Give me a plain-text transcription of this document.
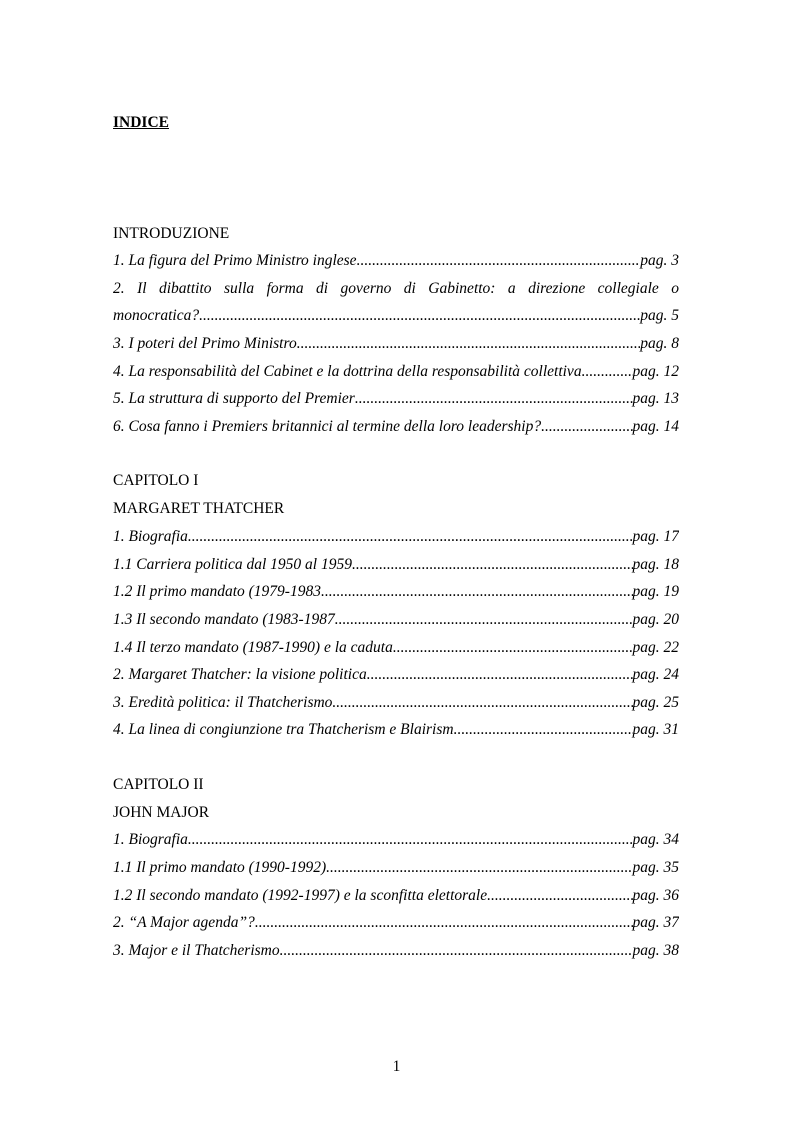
INDICE
INTRODUZIONE
1. La figura del Primo Ministro inglese .....	pag. 3
2. Il dibattito sulla forma di governo di Gabinetto: a direzione collegiale o
monocratica? .....	pag. 5
3. I poteri del Primo Ministro .....	pag. 8
4. La responsabilità del Cabinet e la dottrina della responsabilità collettiva .....	pag. 12
5. La struttura di supporto del Premier .....	pag. 13
6. Cosa fanno i Premiers britannici al termine della loro leadership? .....	pag. 14
CAPITOLO I
MARGARET THATCHER
1. Biografia .....	pag. 17
1.1 Carriera politica dal 1950 al 1959 .....	pag. 18
1.2 Il primo mandato (1979-1983 .....	pag. 19
1.3 Il secondo mandato (1983-1987 .....	pag. 20
1.4 Il terzo mandato (1987-1990) e la caduta .....	pag. 22
2. Margaret Thatcher: la visione politica .....	pag. 24
3. Eredità politica: il Thatcherismo .....	pag. 25
4. La linea di congiunzione tra Thatcherism e Blairism .....	pag. 31
CAPITOLO II
JOHN MAJOR
1. Biografia .....	pag. 34
1.1 Il primo mandato (1990-1992) .....	pag. 35
1.2 Il secondo mandato (1992-1997) e la sconfitta elettorale .....	pag. 36
2. “A Major agenda”? .....	pag. 37
3. Major e il Thatcherismo .....	pag. 38
1
